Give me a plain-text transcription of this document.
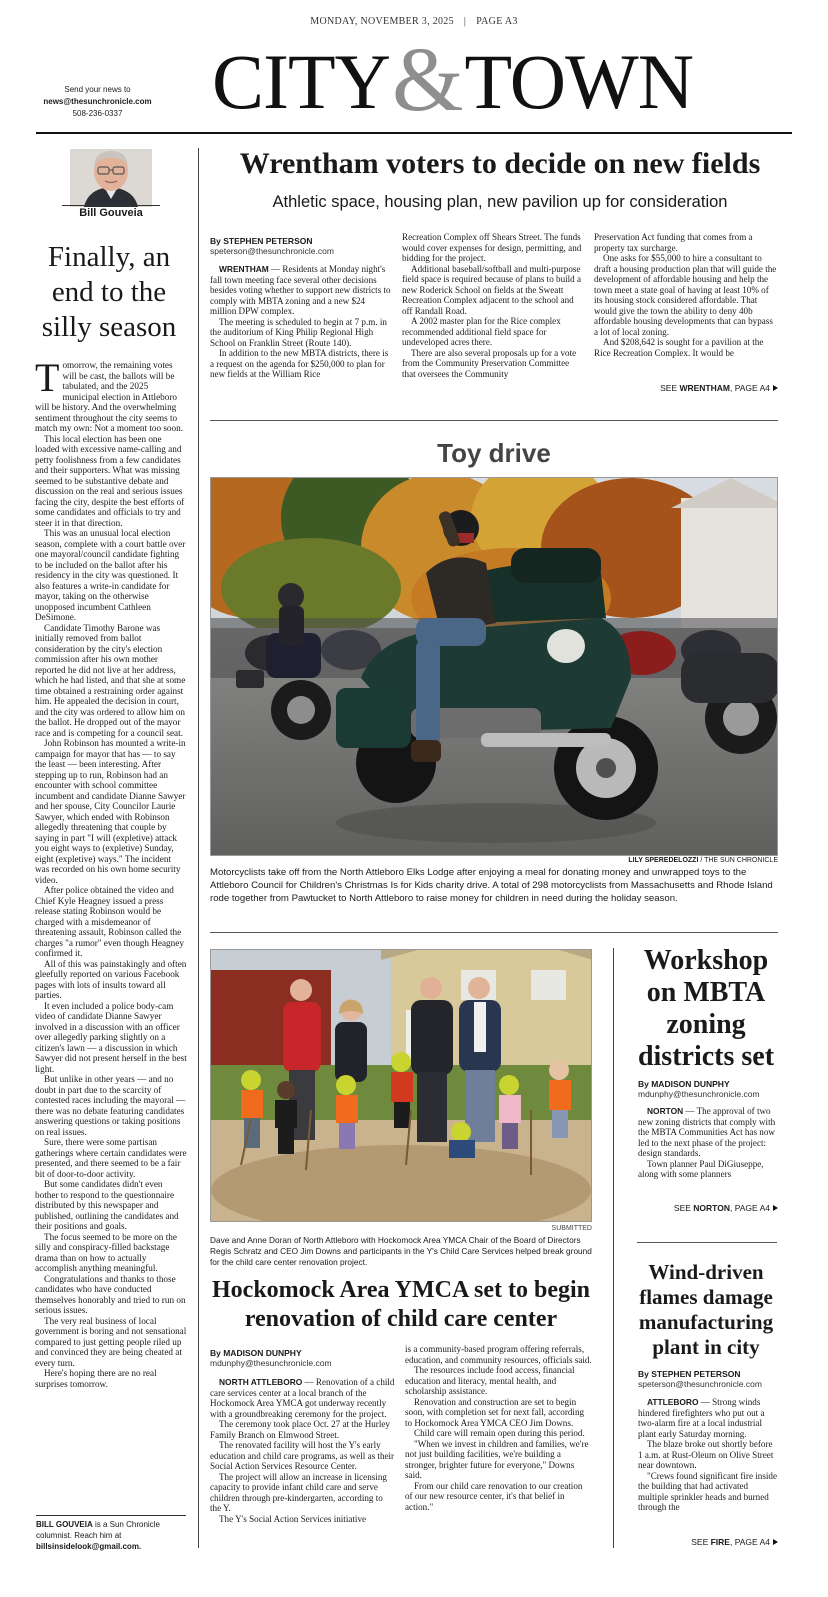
MONDAY, NOVEMBER 3, 2025 | PAGE A3
Send your news to
news@thesunchronicle.com
508-236-0337	CITY&TOWN
Bill Gouveia
Finally, an end to the silly season

Tomorrow, the remaining votes will be cast, the ballots will be tabulated, and the 2025 municipal election in Attleboro will be history. And the overwhelming sentiment throughout the city seems to match my own: Not a moment too soon.

This local election has been one loaded with excessive name-calling and petty foolishness from a few candidates and their supporters. What was missing seemed to be substantive debate and discussion on the real and serious issues facing the city, despite the best efforts of some candidates and officials to try and steer it in that direction.

This was an unusual local election season, complete with a court battle over one mayoral/council candidate fighting to be included on the ballot after his residency in the city was questioned. It also features a write-in candidate for mayor, taking on the otherwise unopposed incumbent Cathleen DeSimone.

Candidate Timothy Barone was initially removed from ballot consideration by the city's election commission after his own mother reported he did not live at her address, which he had listed, and that she at some time obtained a restraining order against him. He appealed the decision in court, and the city was ordered to allow him on the ballot. He dropped out of the mayor race and is competing for a council seat.

John Robinson has mounted a write-in campaign for mayor that has — to say the least — been interesting. After stepping up to run, Robinson had an encounter with school committee incumbent and candidate Dianne Sawyer and her spouse, City Councilor Laurie Sawyer, which ended with Robinson allegedly threatening that couple by saying in part "I will (expletive) attack you eight ways to (expletive) Sunday, eight (expletive) ways." The incident was recorded on his own home security video.

After police obtained the video and Chief Kyle Heagney issued a press release stating Robinson would be charged with a misdemeanor of threatening assault, Robinson called the charges "a rumor" even though Heagney confirmed it.

All of this was painstakingly and often gleefully reported on various Facebook pages with lots of insults toward all parties.

It even included a police body-cam video of candidate Dianne Sawyer involved in a discussion with an officer over allegedly parking slightly on a citizen's lawn — a discussion in which Sawyer did not present herself in the best light.

But unlike in other years — and no doubt in part due to the scarcity of contested races including the mayoral — there was no debate featuring candidates answering questions or taking positions on real issues.

Sure, there were some partisan gatherings where certain candidates were presented, and there seemed to be a fair bit of door-to-door activity.

But some candidates didn't even bother to respond to the questionnaire distributed by this newspaper and published, outlining the candidates and their positions and goals.

The focus seemed to be more on the silly and conspiracy-filled backstage drama than on how to actually accomplish anything meaningful.

Congratulations and thanks to those candidates who have conducted themselves honorably and tried to run on serious issues.

The very real business of local government is boring and not sensational compared to just getting people riled up and convinced they are being cheated at every turn.

Here's hoping there are no real surprises tomorrow.

BILL GOUVEIA is a Sun Chronicle columnist. Reach him at billsinsidelook@gmail.com.
Wrentham voters to decide on new fields
Athletic space, housing plan, new pavilion up for consideration
By STEPHEN PETERSON
speterson@thesunchronicle.com

WRENTHAM — Residents at Monday night's fall town meeting face several other decisions besides voting whether to support new districts to comply with MBTA zoning and a new $24 million DPW complex.

The meeting is scheduled to begin at 7 p.m. in the auditorium of King Philip Regional High School on Franklin Street (Route 140).

In addition to the new MBTA districts, there is a request on the agenda for $250,000 to plan for new fields at the William Rice

Recreation Complex off Shears Street. The funds would cover expenses for design, permitting, and bidding for the project.

Additional baseball/softball and multi-purpose field space is required because of plans to build a new Roderick School on fields at the Sweatt Recreation Complex adjacent to the school and off Randall Road.

A 2002 master plan for the Rice complex recommended additional field space for undeveloped acres there.

There are also several proposals up for a vote from the Community Preservation Committee that oversees the Community

Preservation Act funding that comes from a property tax surcharge.

One asks for $55,000 to hire a consultant to draft a housing production plan that will guide the development of affordable housing and help the town meet a state goal of having at least 10% of its housing stock considered affordable. That would give the town the ability to deny 40b affordable housing developments that can bypass a lot of local zoning.

And $208,642 is sought for a pavilion at the Rice Recreation Complex. It would be

SEE WRENTHAM, PAGE A4
Toy drive
LILY SPEREDELOZZI / THE SUN CHRONICLE
Motorcyclists take off from the North Attleboro Elks Lodge after enjoying a meal for donating money and unwrapped toys to the Attleboro Council for Children's Christmas Is for Kids charity drive. A total of 298 motorcyclists from Massachusetts and Rhode Island rode together from Pawtucket to North Attleboro to raise money for children in need during the holiday season.
SUBMITTED
Dave and Anne Doran of North Attleboro with Hockomock Area YMCA Chair of the Board of Directors Regis Schratz and CEO Jim Downs and participants in the Y's Child Care Services helped break ground for the child care center renovation project.
Hockomock Area YMCA set to begin renovation of child care center
By MADISON DUNPHY
mdunphy@thesunchronicle.com

NORTH ATTLEBORO — Renovation of a child care services center at a local branch of the Hockomock Area YMCA got underway recently with a groundbreaking ceremony for the project.

The ceremony took place Oct. 27 at the Hurley Family Branch on Elmwood Street.

The renovated facility will host the Y's early education and child care programs, as well as their Social Action Services Resource Center.

The project will allow an increase in licensing capacity to provide infant child care and serve children through pre-kindergarten, according to the Y.

The Y's Social Action Services initiative

is a community-based program offering referrals, education, and community resources, officials said.

The resources include food access, financial education and literacy, mental health, and scholarship assistance.

Renovation and construction are set to begin soon, with completion set for next fall, according to Hockomock Area YMCA CEO Jim Downs.

Child care will remain open during this period.

"When we invest in children and families, we're not just building facilities, we're building a stronger, brighter future for everyone," Downs said.

From our child care renovation to our creation of our new resource center, it's that belief in action."

Workshop on MBTA zoning districts set
By MADISON DUNPHY
mdunphy@thesunchronicle.com

NORTON — The approval of two new zoning districts that comply with the MBTA Communities Act has now led to the next phase of the project: design standards.

Town planner Paul DiGiuseppe, along with some planners

SEE NORTON, PAGE A4
Wind-driven flames damage manufacturing plant in city
By STEPHEN PETERSON
speterson@thesunchronicle.com

ATTLEBORO — Strong winds hindered firefighters who put out a two-alarm fire at a local industrial plant early Saturday morning.

The blaze broke out shortly before 1 a.m. at Rust-Oleum on Olive Street near downtown.

"Crews found significant fire inside the building that had activated multiple sprinkler heads and burned through the

SEE FIRE, PAGE A4
